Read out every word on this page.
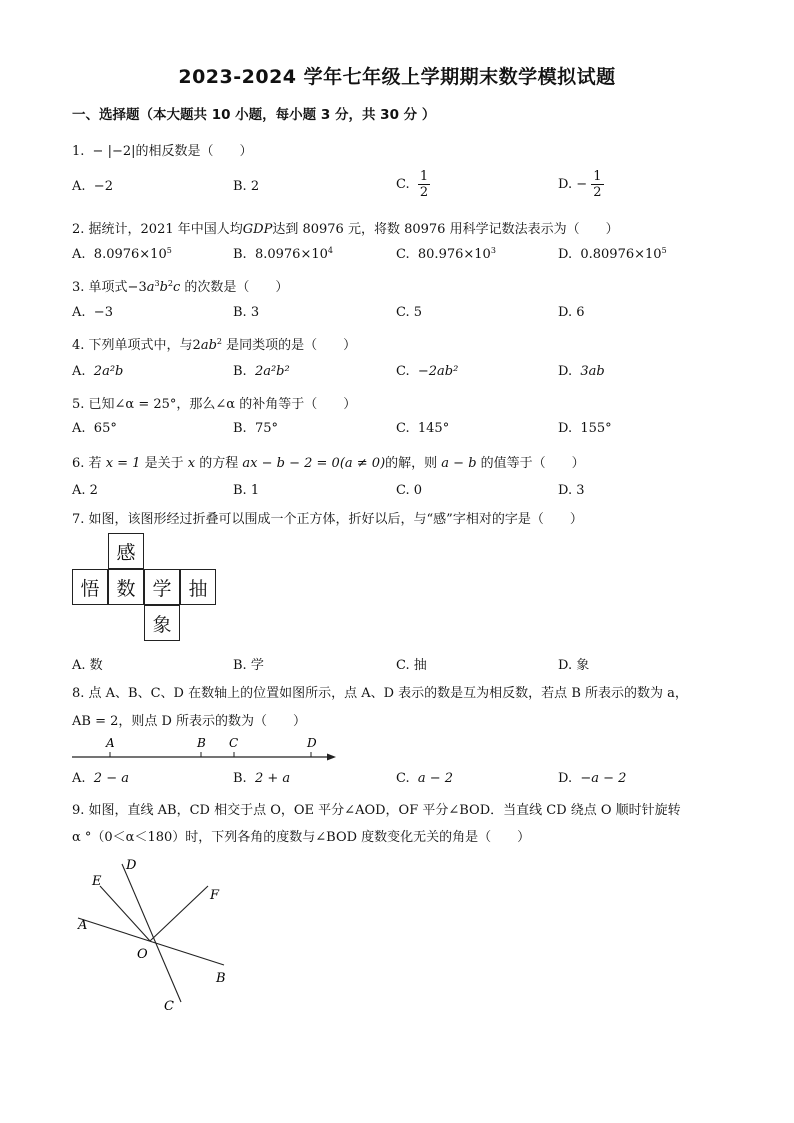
2023-2024 学年七年级上学期期末数学模拟试题
一、选择题（本大题共 10 小题，每小题 3 分，共 30 分 ）
1. − |−2|的相反数是（　　）
A. −2	B. 2	C. $\frac{1}{2}$	D. − $\frac{1}{2}$
2. 据统计，2021 年中国人均GDP达到 80976 元，将数 80976 用科学记数法表示为（　　）
A. $8.0976\times 10^5$	B. $8.0976\times 10^4$	C. $80.976\times 10^3$	D. $0.80976\times 10^5$
3. 单项式$-3a^3b^2c$ 的次数是（　　）
A. −3	B. 3	C. 5	D. 6
4. 下列单项式中，与$2ab^2$ 是同类项的是（　　）
A. 2a²b	B. 2a²b²	C. −2ab²	D. 3ab
5. 已知∠α = 25°，那么∠α 的补角等于（　　）
A. 65°	B. 75°	C. 145°	D. 155°
6. 若 x = 1 是关于 x 的方程 ax − b − 2 = 0(a ≠ 0)的解，则 a − b 的值等于（　　）
A. 2	B. 1	C. 0	D. 3
7. 如图，该图形经过折叠可以围成一个正方体，折好以后，与“感”字相对的字是（　　）
感
悟 数 学 抽
象
A. 数	B. 学	C. 抽	D. 象
8. 点 A、B、C、D 在数轴上的位置如图所示，点 A、D 表示的数是互为相反数，若点 B 所表示的数为 a，
AB = 2，则点 D 所表示的数为（　　）
A	B C	D
A. 2 − a	B. 2 + a	C. a − 2	D. −a − 2
9. 如图，直线 AB，CD 相交于点 O，OE 平分∠AOD，OF 平分∠BOD．当直线 CD 绕点 O 顺时针旋转
α °（0＜α＜180）时，下列各角的度数与∠BOD 度数变化无关的角是（　　）
D
E
F
A
O
B
C
